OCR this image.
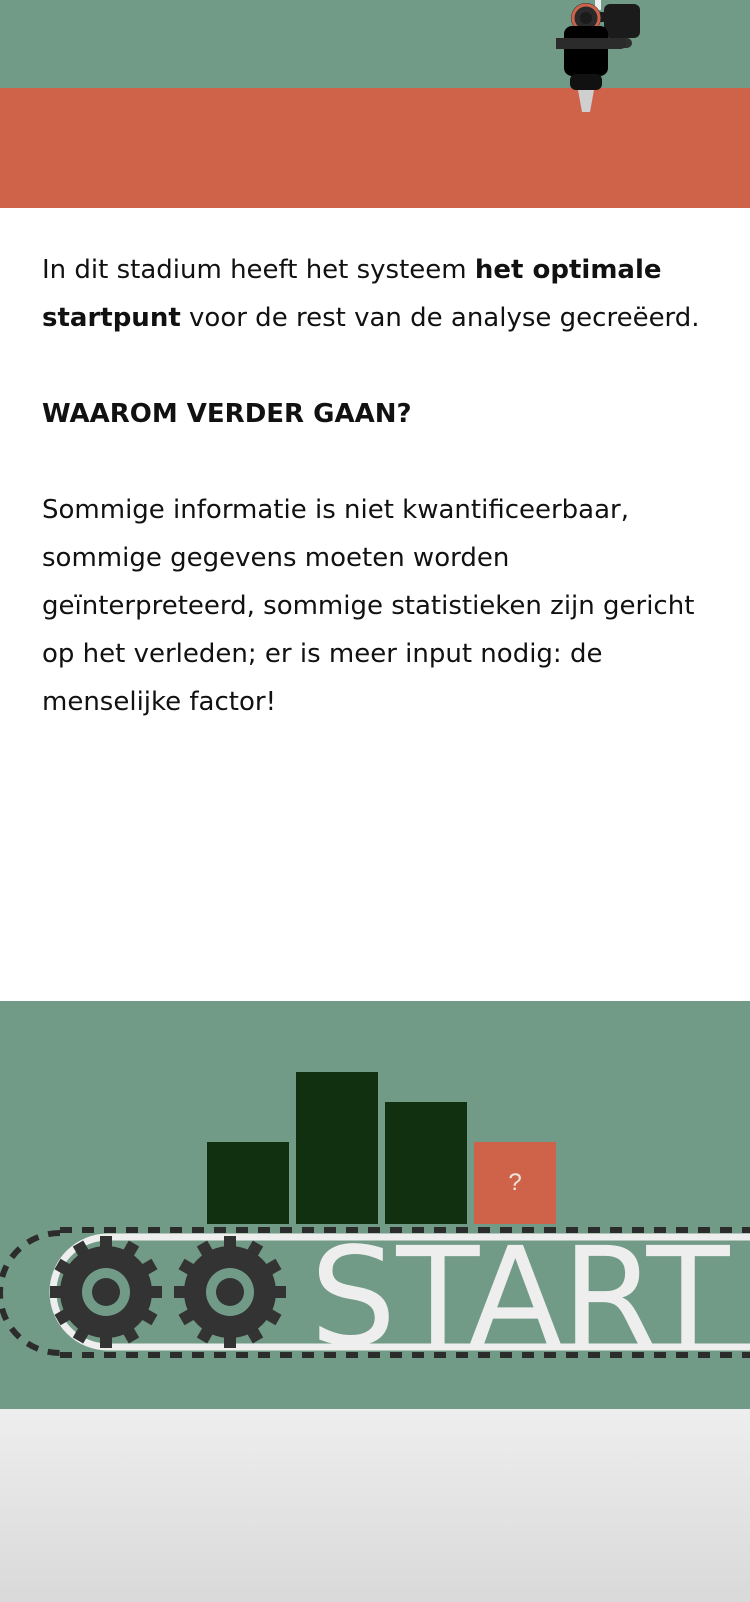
In dit stadium heeft het systeem het optimale startpunt voor de rest van de analyse gecreëerd.

WAAROM VERDER GAAN?

Sommige informatie is niet kwantificeerbaar, sommige gegevens moeten worden geïnterpreteerd, sommige statistieken zijn gericht op het verleden; er is meer input nodig: de menselijke factor!

?
START
